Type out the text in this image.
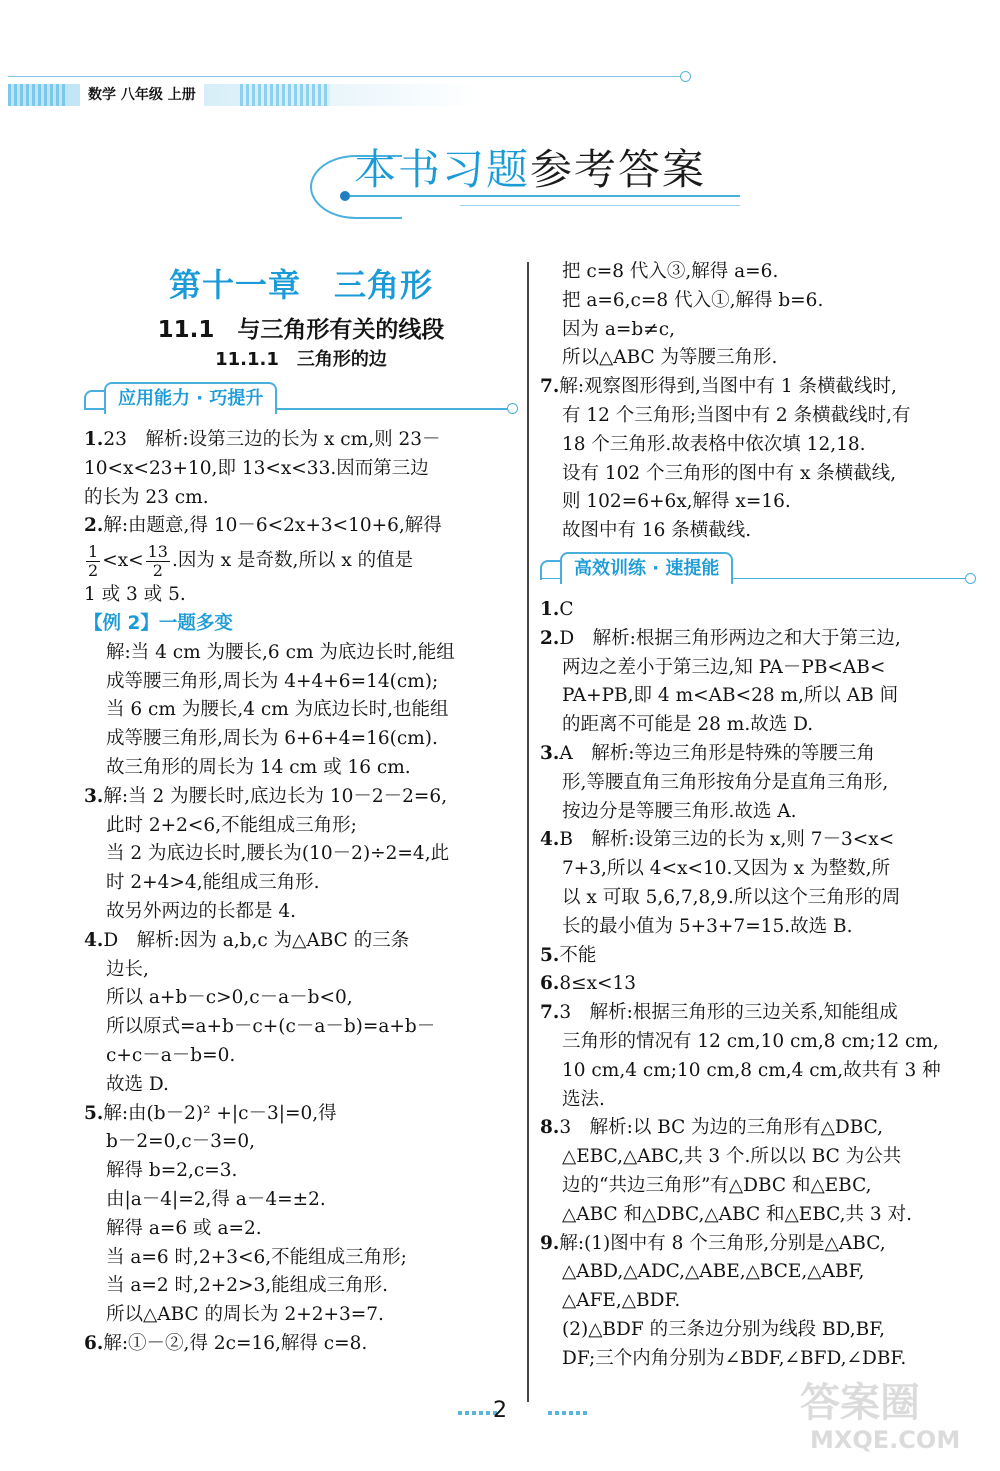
数学 八年级 上册
本书习题参考答案
第十一章　三角形
11.1　与三角形有关的线段
11.1.1　三角形的边
应用能力 · 巧提升
1.23　解析:设第三边的长为 x cm,则 23－
10<x<23+10,即 13<x<33.因而第三边
的长为 23 cm.
2.解:由题意,得 10－6<2x+3<10+6,解得
$\frac{1}{2} <x< \frac{13}{2}$ .因为 x 是奇数,所以 x 的值是
1 或 3 或 5.
【例 2】一题多变
解:当 4 cm 为腰长,6 cm 为底边长时,能组
成等腰三角形,周长为 4+4+6=14(cm);
当 6 cm 为腰长,4 cm 为底边长时,也能组
成等腰三角形,周长为 6+6+4=16(cm).
故三角形的周长为 14 cm 或 16 cm.
3.解:当 2 为腰长时,底边长为 10－2－2=6,
此时 2+2<6,不能组成三角形;
当 2 为底边长时,腰长为(10－2)÷2=4,此
时 2+4>4,能组成三角形.
故另外两边的长都是 4.
4.D　解析:因为 a,b,c 为△ABC 的三条
边长,
所以 a+b－c>0,c－a－b<0,
所以原式=a+b－c+(c－a－b)=a+b－
c+c－a－b=0.
故选 D.
5.解:由(b－2)² +|c－3|=0,得
b－2=0,c－3=0,
解得 b=2,c=3.
由|a－4|=2,得 a－4=±2.
解得 a=6 或 a=2.
当 a=6 时,2+3<6,不能组成三角形;
当 a=2 时,2+2>3,能组成三角形.
所以△ABC 的周长为 2+2+3=7.
6.解:①－②,得 2c=16,解得 c=8.
把 c=8 代入③,解得 a=6.
把 a=6,c=8 代入①,解得 b=6.
因为 a=b≠c,
所以△ABC 为等腰三角形.
7.解:观察图形得到,当图中有 1 条横截线时,
有 12 个三角形;当图中有 2 条横截线时,有
18 个三角形.故表格中依次填 12,18.
设有 102 个三角形的图中有 x 条横截线,
则 102=6+6x,解得 x=16.
故图中有 16 条横截线.
高效训练 · 速提能
1.C
2.D　解析:根据三角形两边之和大于第三边,
两边之差小于第三边,知 PA－PB<AB<
PA+PB,即 4 m<AB<28 m,所以 AB 间
的距离不可能是 28 m.故选 D.
3.A　解析:等边三角形是特殊的等腰三角
形,等腰直角三角形按角分是直角三角形,
按边分是等腰三角形.故选 A.
4.B　解析:设第三边的长为 x,则 7－3<x<
7+3,所以 4<x<10.又因为 x 为整数,所
以 x 可取 5,6,7,8,9.所以这个三角形的周
长的最小值为 5+3+7=15.故选 B.
5.不能
6.8≤x<13
7.3　解析:根据三角形的三边关系,知能组成
三角形的情况有 12 cm,10 cm,8 cm;12 cm,
10 cm,4 cm;10 cm,8 cm,4 cm,故共有 3 种
选法.
8.3　解析:以 BC 为边的三角形有△DBC,
△EBC,△ABC,共 3 个.所以以 BC 为公共
边的“共边三角形”有△DBC 和△EBC,
△ABC 和△DBC,△ABC 和△EBC,共 3 对.
9.解:(1)图中有 8 个三角形,分别是△ABC,
△ABD,△ADC,△ABE,△BCE,△ABF,
△AFE,△BDF.
(2)△BDF 的三条边分别为线段 BD,BF,
DF;三个内角分别为∠BDF,∠BFD,∠DBF.
2	答案圈
MXQE.COM
